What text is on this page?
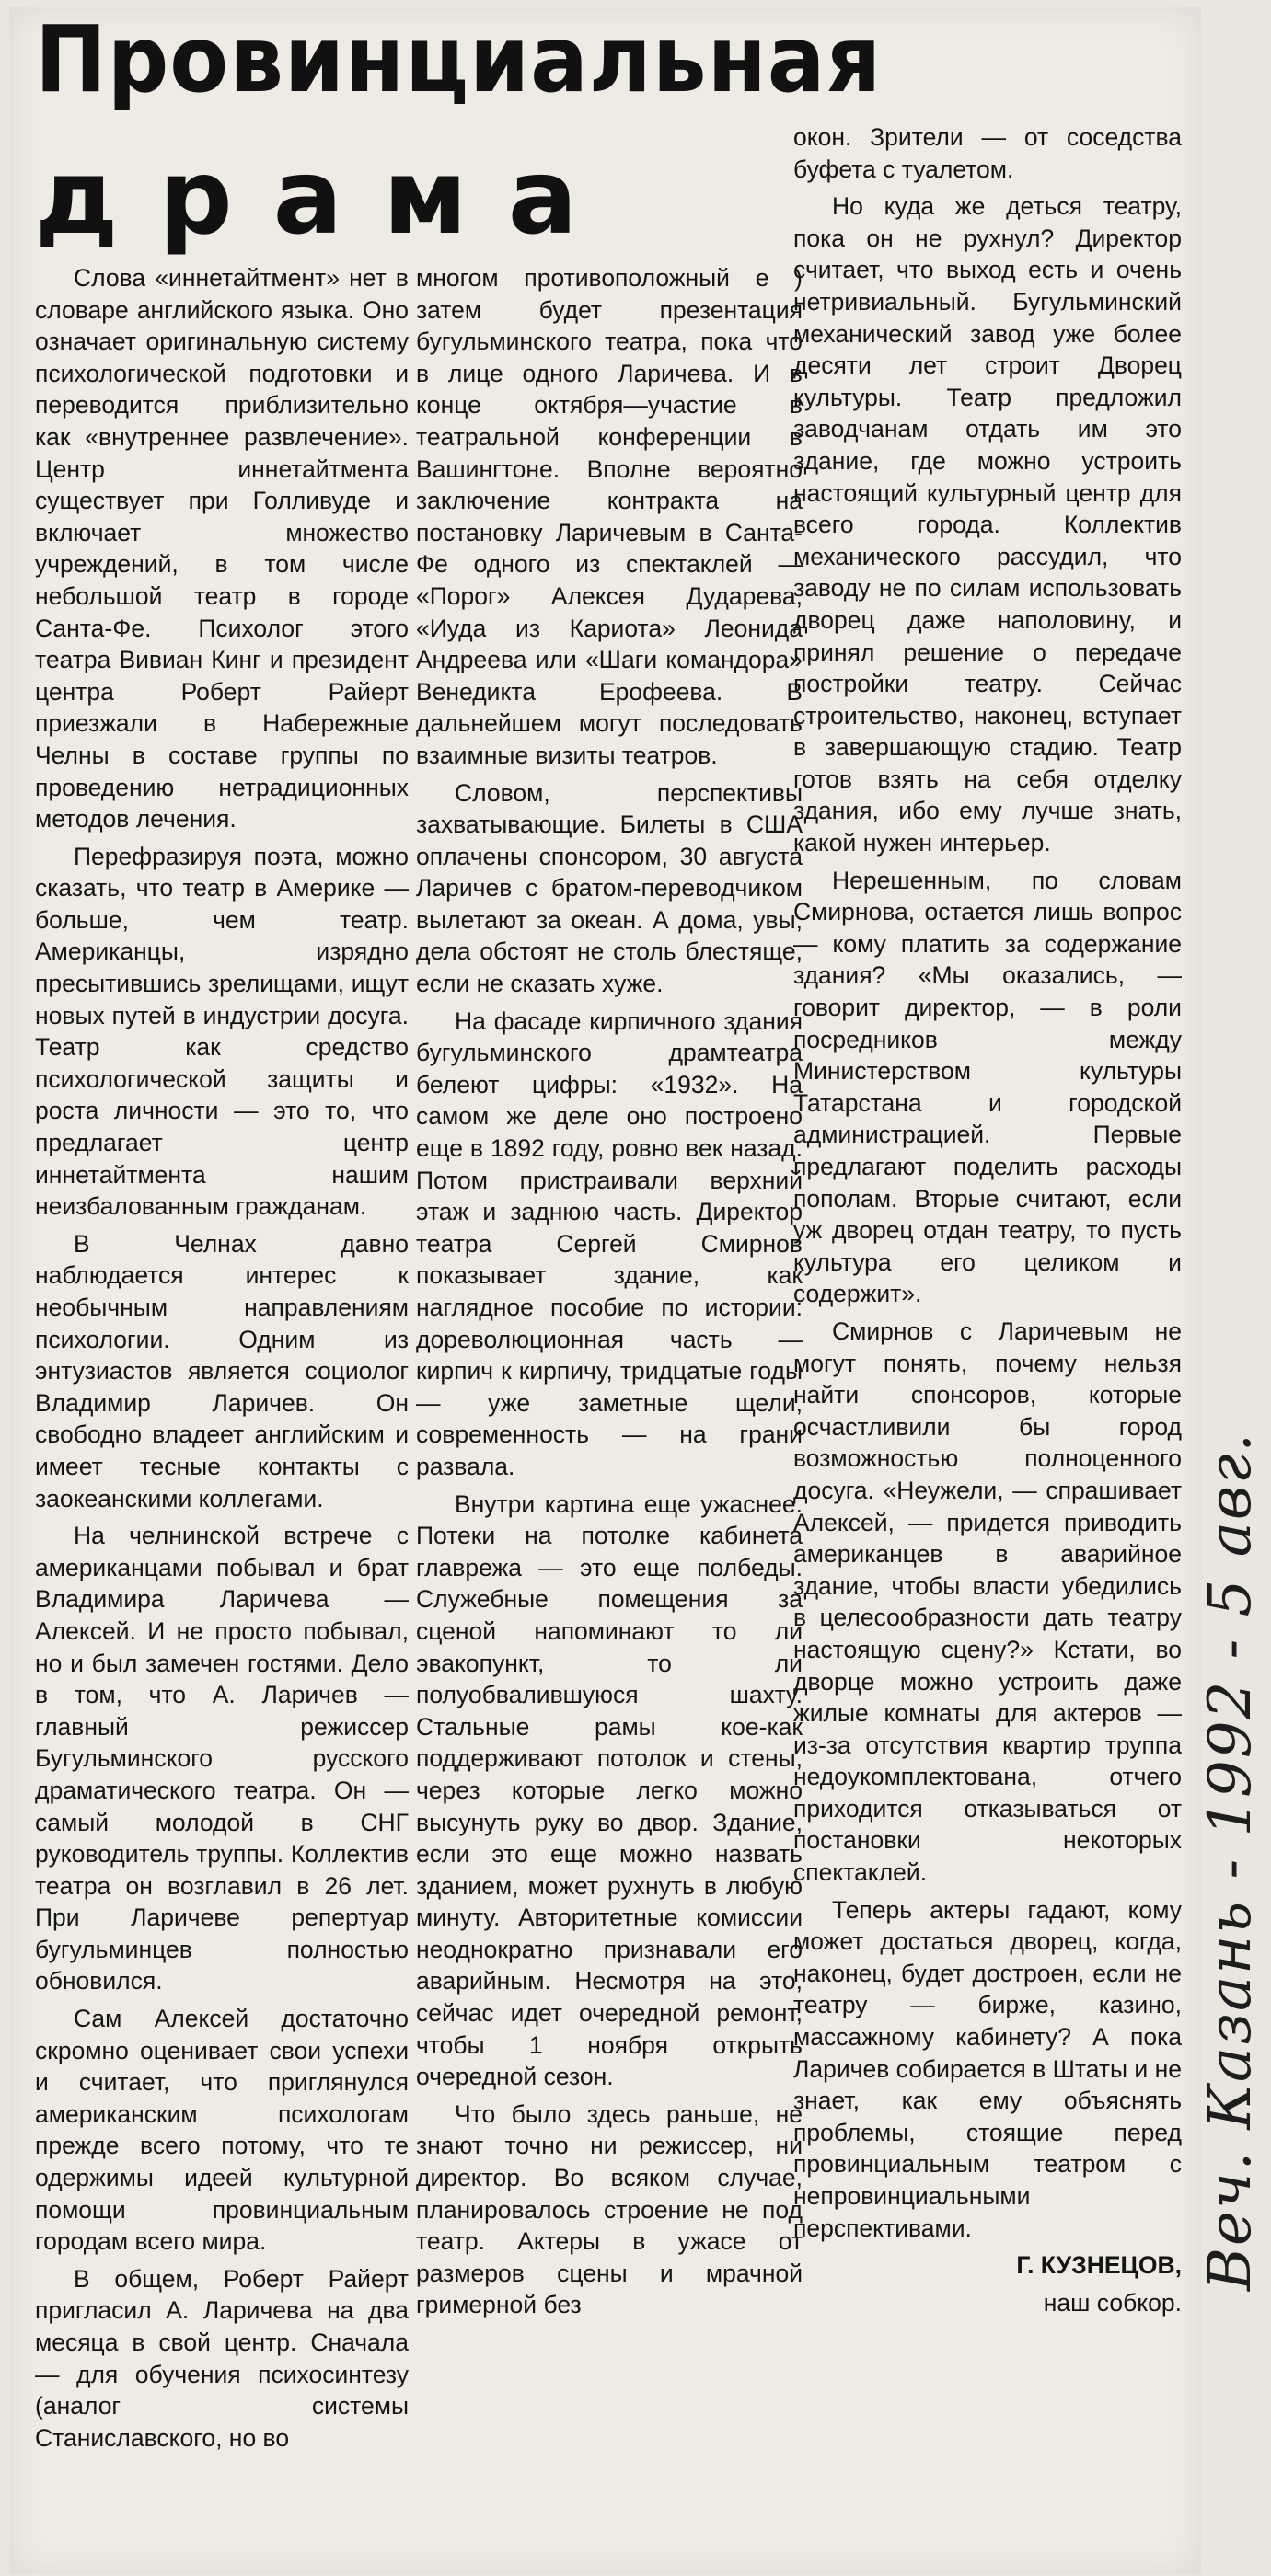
Провинциальная
драма

Слова «иннетайтмент» нет в словаре английского языка. Оно означает оригинальную систему психологической подготовки и переводится приблизительно как «внутреннее развлечение». Центр иннетайтмента существует при Голливуде и включает множество учреждений, в том числе небольшой театр в городе Санта-Фе. Психолог этого театра Вивиан Кинг и президент центра Роберт Райерт приезжали в Набережные Челны в составе группы по проведению нетрадиционных методов лечения.

Перефразируя поэта, можно сказать, что театр в Америке — больше, чем театр. Американцы, изрядно пресытившись зрелищами, ищут новых путей в индустрии досуга. Театр как средство психологической защиты и роста личности — это то, что предлагает центр иннетайтмента нашим неизбалованным гражданам.

В Челнах давно наблюдается интерес к необычным направлениям психологии. Одним из энтузиастов является социолог Владимир Ларичев. Он свободно владеет английским и имеет тесные контакты с заокеанскими коллегами.

На челнинской встрече с американцами побывал и брат Владимира Ларичева — Алексей. И не просто побывал, но и был замечен гостями. Дело в том, что А. Ларичев — главный режиссер Бугульминского русского драматического театра. Он — самый молодой в СНГ руководитель труппы. Коллектив театра он возглавил в 26 лет. При Ларичеве репертуар бугульминцев полностью обновился.

Сам Алексей достаточно скромно оценивает свои успехи и считает, что приглянулся американским психологам прежде всего потому, что те одержимы идеей культурной помощи провинциальным городам всего мира.

В общем, Роберт Райерт пригласил А. Ларичева на два месяца в свой центр. Сначала — для обучения психосинтезу (аналог системы Станиславского, но во

многом противоположный е ) затем будет презентация бугульминского театра, пока что в лице одного Ларичева. И в конце октября—участие в театральной конференции в Вашингтоне. Вполне вероятно заключение контракта на постановку Ларичевым в Санта-Фе одного из спектаклей — «Порог» Алексея Дударева, «Иуда из Кариота» Леонида Андреева или «Шаги командора» Венедикта Ерофеева. В дальнейшем могут последовать взаимные визиты театров.

Словом, перспективы захватывающие. Билеты в США оплачены спонсором, 30 августа Ларичев с братом-переводчиком вылетают за океан. А дома, увы, дела обстоят не столь блестяще, если не сказать хуже.

На фасаде кирпичного здания бугульминского драмтеатра белеют цифры: «1932». На самом же деле оно построено еще в 1892 году, ровно век назад. Потом пристраивали верхний этаж и заднюю часть. Директор театра Сергей Смирнов показывает здание, как наглядное пособие по истории: дореволюционная часть — кирпич к кирпичу, тридцатые годы — уже заметные щели, современность — на грани развала.

Внутри картина еще ужаснее. Потеки на потолке кабинета главрежа — это еще полбеды. Служебные помещения за сценой напоминают то ли эвакопункт, то ли полуобвалившуюся шахту. Стальные рамы кое-как поддерживают потолок и стены, через которые легко можно высунуть руку во двор. Здание, если это еще можно назвать зданием, может рухнуть в любую минуту. Авторитетные комиссии неоднократно признавали его аварийным. Несмотря на это, сейчас идет очередной ремонт, чтобы 1 ноября открыть очередной сезон.

Что было здесь раньше, не знают точно ни режиссер, ни директор. Во всяком случае, планировалось строение не под театр. Актеры в ужасе от размеров сцены и мрачной гримерной без

окон. Зрители — от соседства буфета с туалетом.

Но куда же деться театру, пока он не рухнул? Директор считает, что выход есть и очень нетривиальный. Бугульминский механический завод уже более десяти лет строит Дворец культуры. Театр предложил заводчанам отдать им это здание, где можно устроить настоящий культурный центр для всего города. Коллектив механического рассудил, что заводу не по силам использовать дворец даже наполовину, и принял решение о передаче постройки театру. Сейчас строительство, наконец, вступает в завершающую стадию. Театр готов взять на себя отделку здания, ибо ему лучше знать, какой нужен интерьер.

Нерешенным, по словам Смирнова, остается лишь вопрос — кому платить за содержание здания? «Мы оказались, — говорит директор, — в роли посредников между Министерством культуры Татарстана и городской администрацией. Первые предлагают поделить расходы пополам. Вторые считают, если уж дворец отдан театру, то пусть культура его целиком и содержит».

Смирнов с Ларичевым не могут понять, почему нельзя найти спонсоров, которые осчастливили бы город возможностью полноценного досуга. «Неужели, — спрашивает Алексей, — придется приводить американцев в аварийное здание, чтобы власти убедились в целесообразности дать театру настоящую сцену?» Кстати, во дворце можно устроить даже жилые комнаты для актеров — из-за отсутствия квартир труппа недоукомплектована, отчего приходится отказываться от постановки некоторых спектаклей.

Теперь актеры гадают, кому может достаться дворец, когда, наконец, будет достроен, если не театру — бирже, казино, массажному кабинету? А пока Ларичев собирается в Штаты и не знает, как ему объяснять проблемы, стоящие перед провинциальным театром с непровинциальными перспективами.

Г. КУЗНЕЦОВ,

наш собкор.

Веч. Казань - 1992 - 5 авг.
